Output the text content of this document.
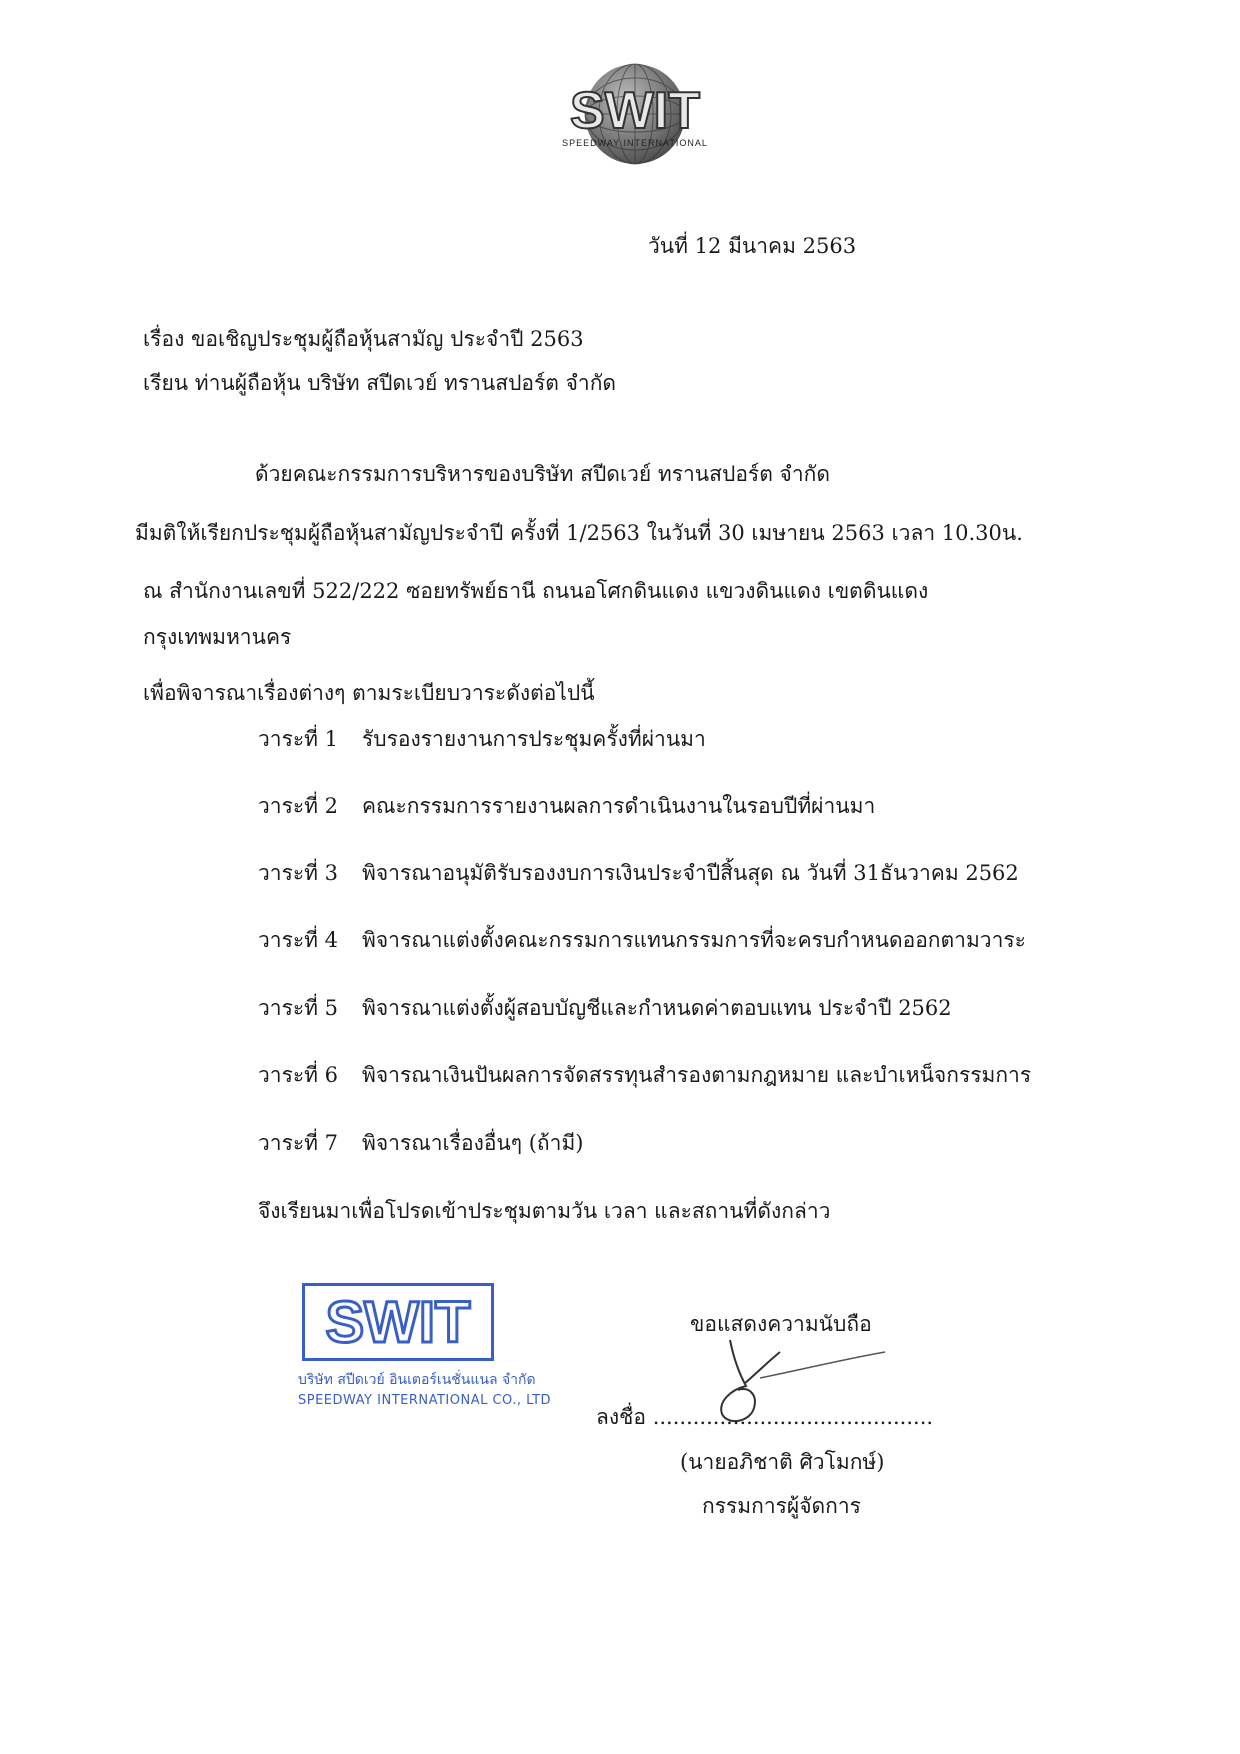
SWIT
SPEEDWAY INTERNATIONAL
วันที่ 12 มีนาคม 2563
เรื่อง ขอเชิญประชุมผู้ถือหุ้นสามัญ ประจำปี 2563
เรียน ท่านผู้ถือหุ้น บริษัท สปีดเวย์ ทรานสปอร์ต จำกัด
ด้วยคณะกรรมการบริหารของบริษัท สปีดเวย์ ทรานสปอร์ต จำกัด
มีมติให้เรียกประชุมผู้ถือหุ้นสามัญประจำปี ครั้งที่ 1/2563 ในวันที่ 30 เมษายน 2563 เวลา 10.30น.
ณ สำนักงานเลขที่ 522/222 ซอยทรัพย์ธานี ถนนอโศกดินแดง แขวงดินแดง เขตดินแดง
กรุงเทพมหานคร
เพื่อพิจารณาเรื่องต่างๆ ตามระเบียบวาระดังต่อไปนี้
วาระที่ 1 รับรองรายงานการประชุมครั้งที่ผ่านมา
วาระที่ 2 คณะกรรมการรายงานผลการดำเนินงานในรอบปีที่ผ่านมา
วาระที่ 3 พิจารณาอนุมัติรับรองงบการเงินประจำปีสิ้นสุด ณ วันที่ 31ธันวาคม 2562
วาระที่ 4 พิจารณาแต่งตั้งคณะกรรมการแทนกรรมการที่จะครบกำหนดออกตามวาระ
วาระที่ 5 พิจารณาแต่งตั้งผู้สอบบัญชีและกำหนดค่าตอบแทน ประจำปี 2562
วาระที่ 6 พิจารณาเงินปันผลการจัดสรรทุนสำรองตามกฎหมาย และบำเหน็จกรรมการ
วาระที่ 7 พิจารณาเรื่องอื่นๆ (ถ้ามี)
จึงเรียนมาเพื่อโปรดเข้าประชุมตามวัน เวลา และสถานที่ดังกล่าว
SWIT
บริษัท สปีดเวย์ อินเตอร์เนชั่นแนล จำกัด
SPEEDWAY INTERNATIONAL CO., LTD
ขอแสดงความนับถือ
ลงชื่อ ..........................................
(นายอภิชาติ ศิวโมกษ์)
กรรมการผู้จัดการ
